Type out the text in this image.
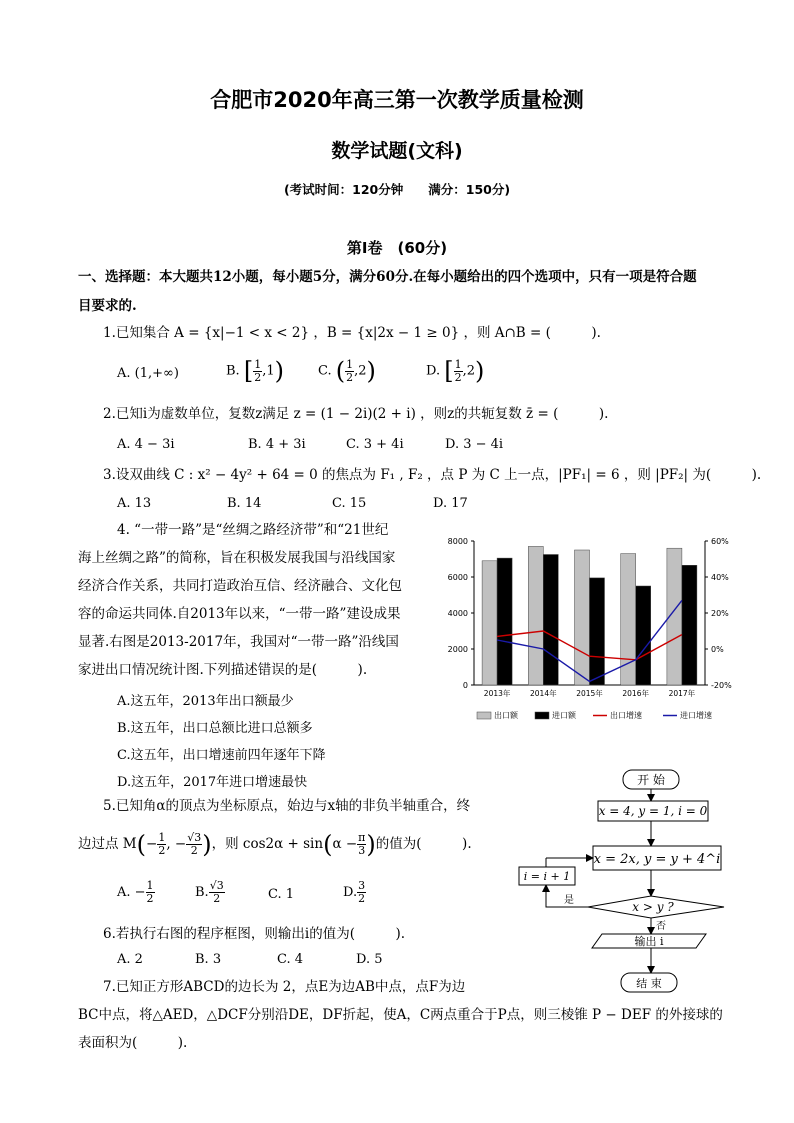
合肥市2020年高三第一次教学质量检测
数学试题(文科)
(考试时间：120分钟　　满分：150分)
第Ⅰ卷　(60分)
一、选择题：本大题共12小题，每小题5分，满分60分.在每小题给出的四个选项中，只有一项是符合题
目要求的.
1.已知集合 A = {x|−1 < x < 2} ，B = {x|2x − 1 ≥ 0} ，则 A∩B = (　　　).
A. (1,+∞)	B. [ $\frac{1}{2} ,1$)	C. ( $\frac{1}{2} ,2$)	D. [ $\frac{1}{2} ,2$)
2.已知i为虚数单位，复数z满足 z = (1 − 2i)(2 + i) ，则z的共轭复数 z̄ = (　　　).
A. 4 − 3i	B. 4 + 3i	C. 3 + 4i	D. 3 − 4i
3.设双曲线 C : x² − 4y² + 64 = 0 的焦点为 F₁ , F₂ ，点 P 为 C 上一点，|PF₁| = 6 ，则 |PF₂| 为(　　　).
A. 13	B. 14	C. 15	D. 17
4. “一带一路”是“丝绸之路经济带”和“21世纪
海上丝绸之路”的简称，旨在积极发展我国与沿线国家
经济合作关系，共同打造政治互信、经济融合、文化包
容的命运共同体.自2013年以来，“一带一路”建设成果
显著.右图是2013-2017年，我国对“一带一路”沿线国
家进出口情况统计图.下列描述错误的是(　　　).
A.这五年，2013年出口额最少
B.这五年，出口总额比进口总额多
C.这五年，出口增速前四年逐年下降
D.这五年，2017年进口增速最快
0
2000
4000
6000
8000
-20%
0%
20%
40%
60%
2013年	2014年	2015年	2016年	2017年
出口额	进口额	出口增速	进口增速
5.已知角α的顶点为坐标原点，始边与x轴的非负半轴重合，终
边过点 $M(- \frac{1}{2}$ , − $\frac{√3}{2}$ )，则 $\cos 2\alpha + \sin(\alpha - \frac{\pi}{3}$ )的值为(　　　).
A. − $\frac{1}{2}$	B. $\frac{√3}{2}$	C. 1	D. $\frac{3}{2}$
6.若执行右图的程序框图，则输出i的值为(　　　).
A. 2	B. 3	C. 4	D. 5
7.已知正方形ABCD的边长为 2，点E为边AB中点，点F为边
BC中点，将△AED，△DCF分别沿DE，DF折起，使A，C两点重合于P点，则三棱锥 P − DEF 的外接球的
表面积为(　　　).
开 始
x = 4, y = 1, i = 0
x = 2x, y = y + 4^i
x > y ?
是
i = i + 1
否
输出 i
结 束
